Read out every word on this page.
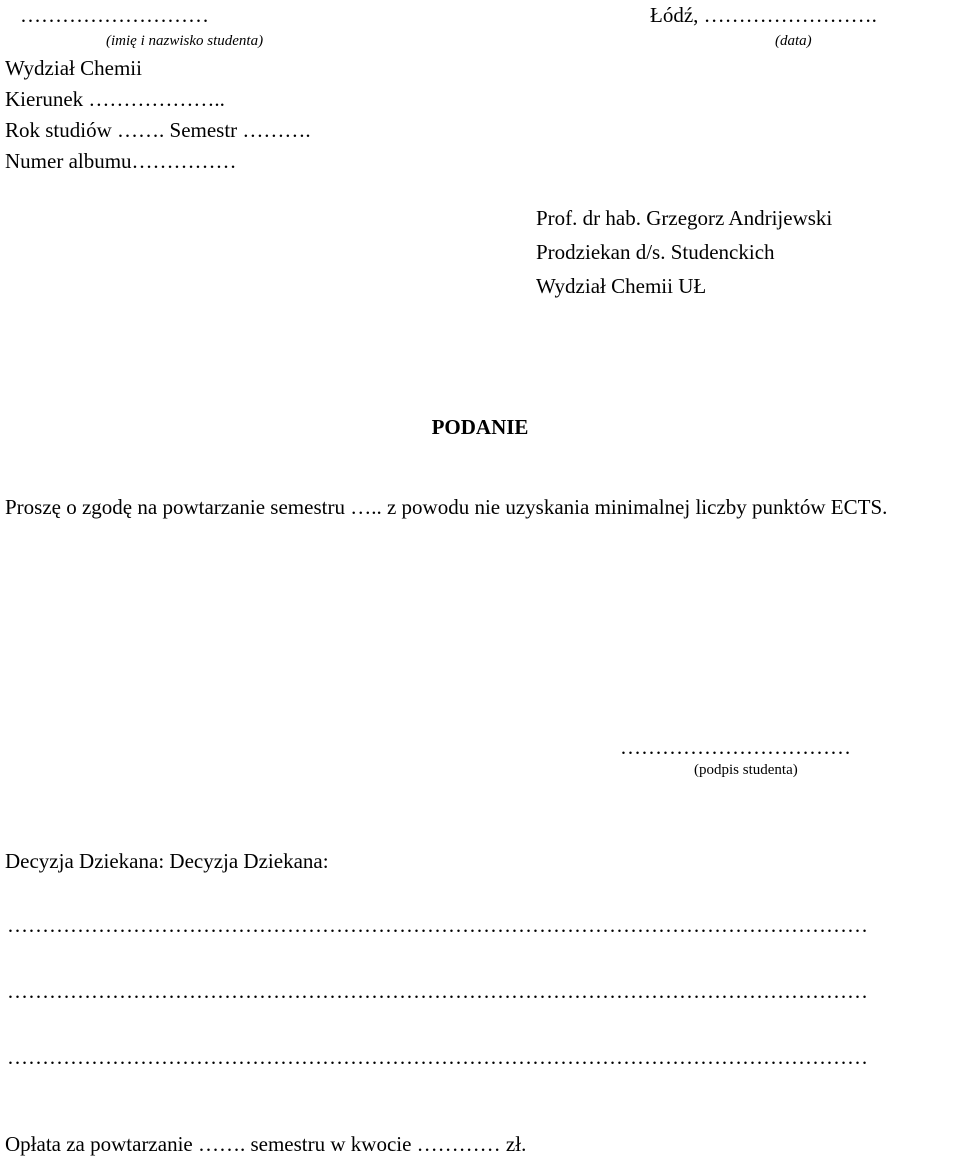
………………………
(imię i nazwisko studenta)
Łódź, …………………….
(data)
Wydział Chemii
Kierunek ………………..
Rok studiów ……. Semestr ……….
Numer albumu……………
Prof. dr hab. Grzegorz Andrijewski
Prodziekan d/s. Studenckich
Wydział Chemii UŁ
PODANIE
Proszę o zgodę na powtarzanie semestru ….. z powodu nie uzyskania minimalnej liczby punktów ECTS.
……………………………
(podpis studenta)
Decyzja Dziekana: Decyzja Dziekana:
……………………………………………………………………………………………………………
……………………………………………………………………………………………………………
……………………………………………………………………………………………………………
Opłata za powtarzanie ……. semestru w kwocie ………… zł.
